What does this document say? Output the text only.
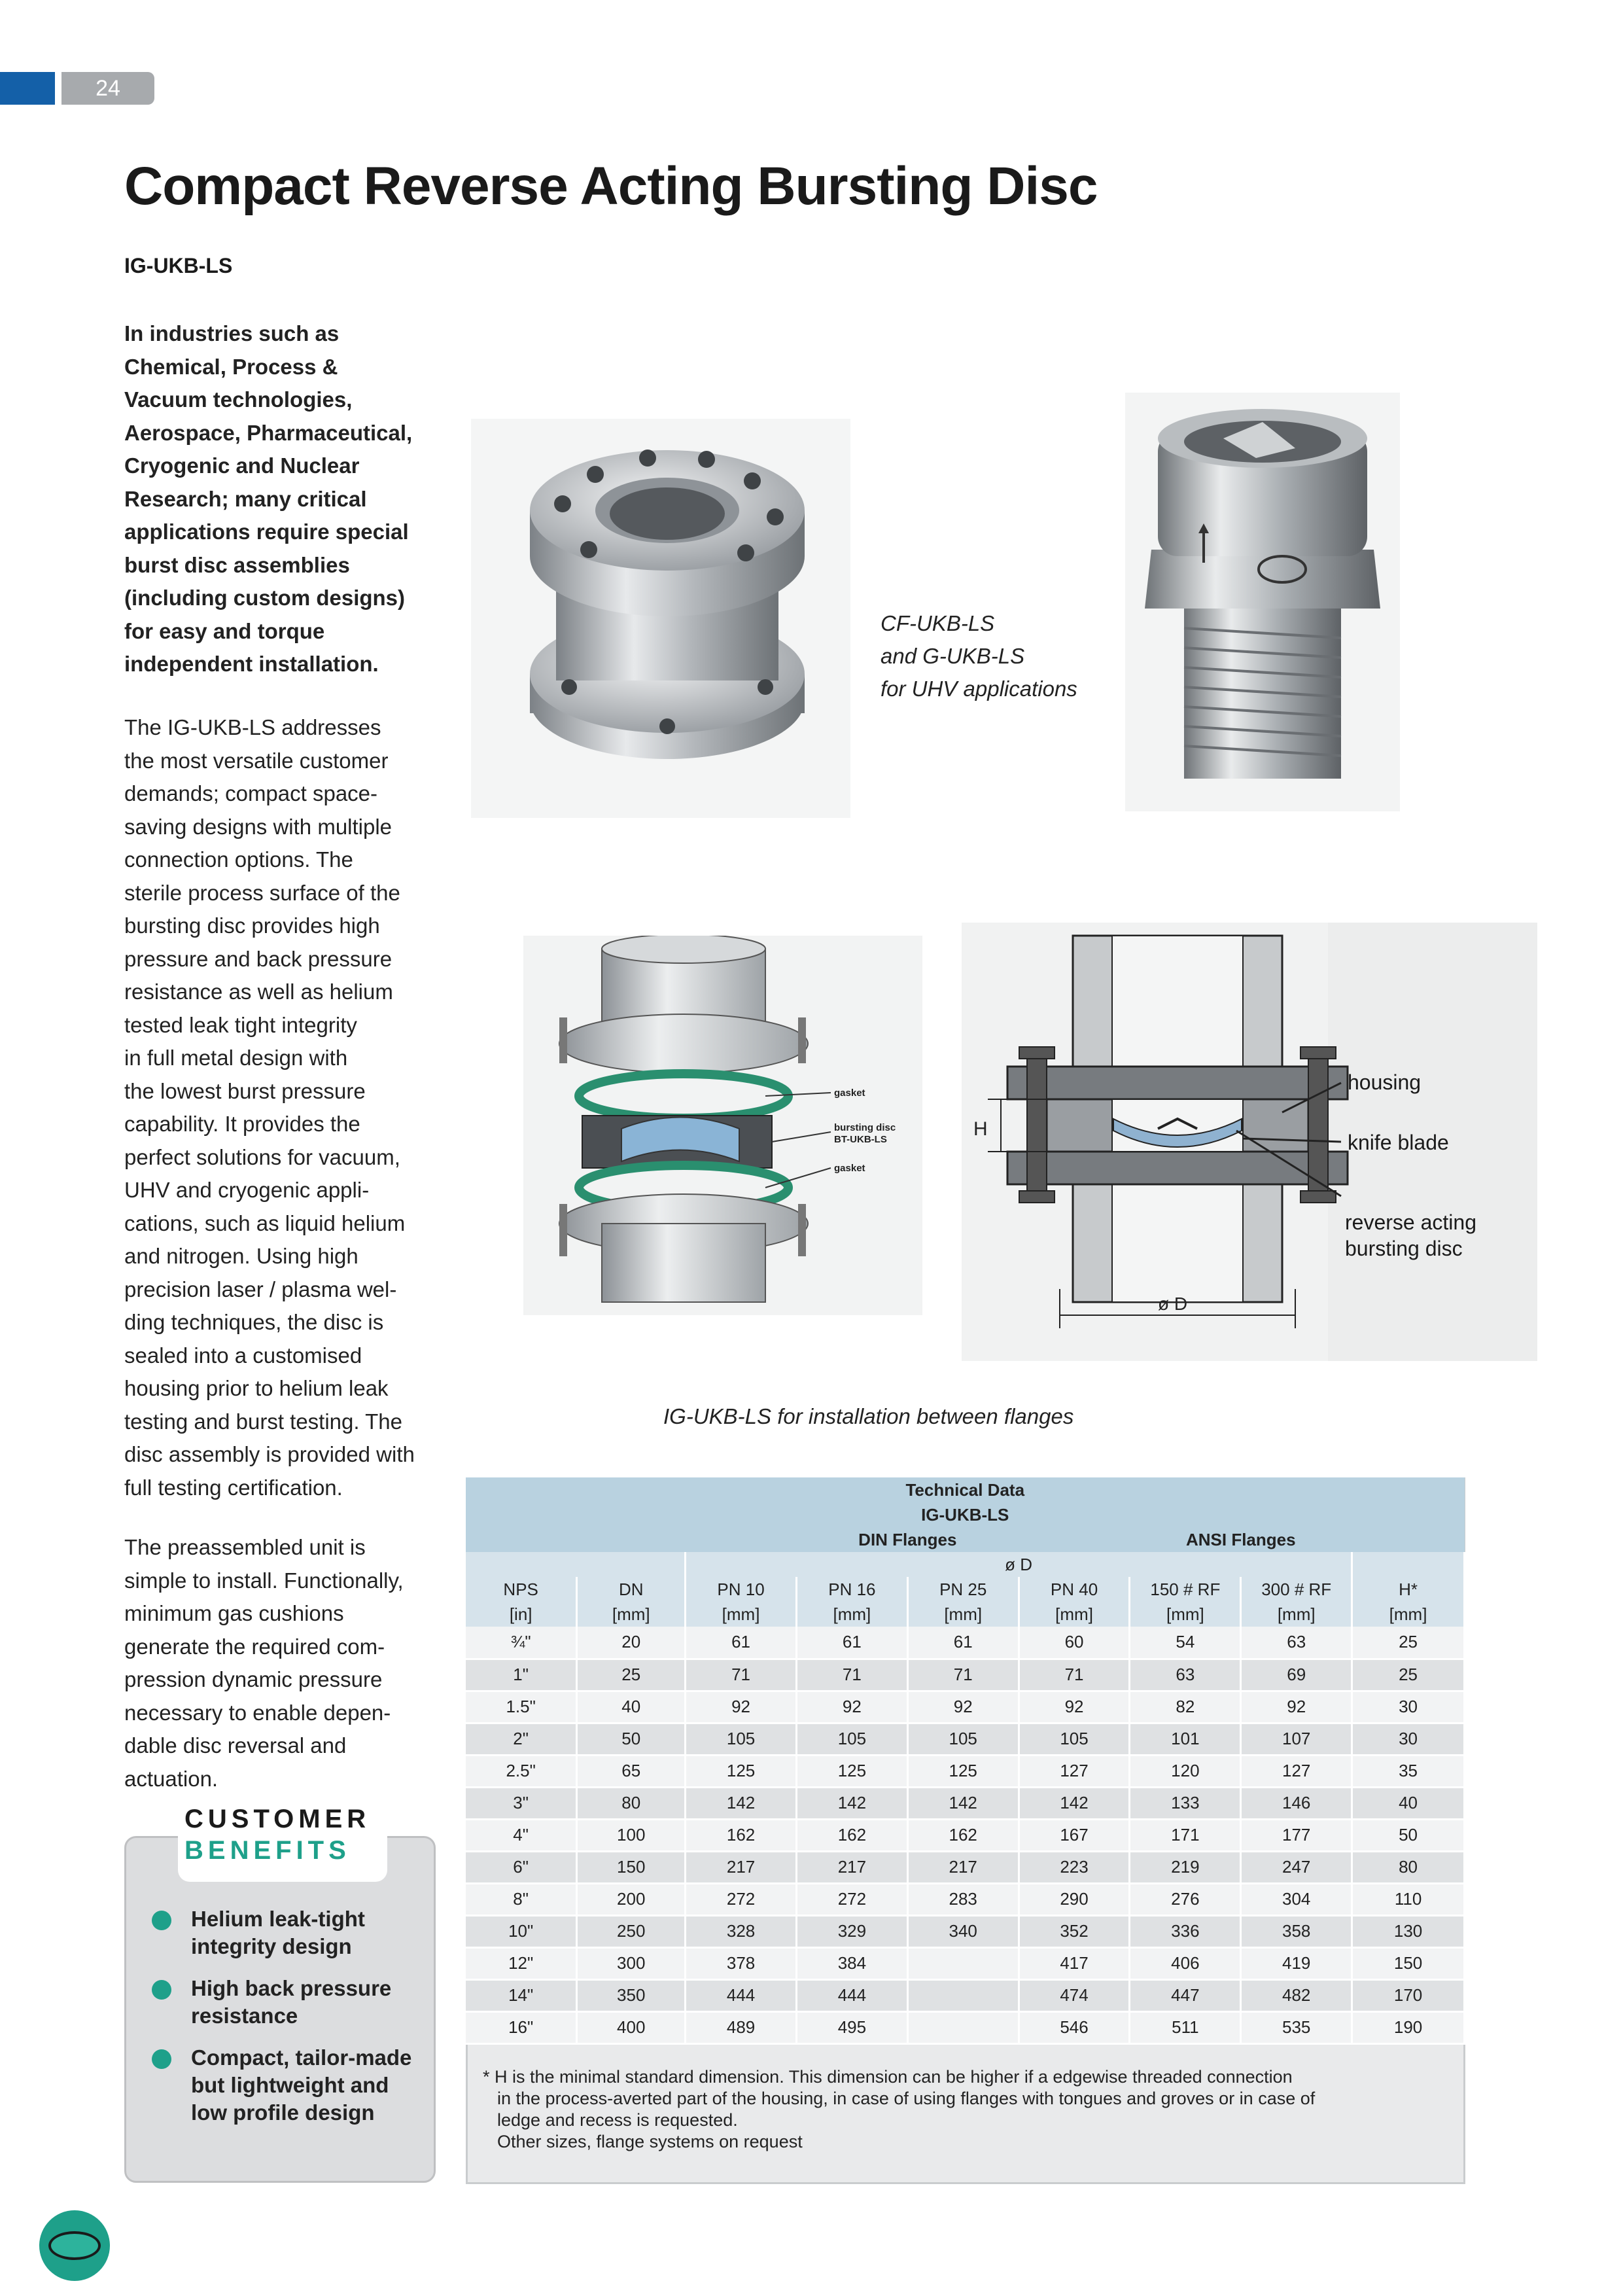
24
Compact Reverse Acting Bursting Disc
IG-UKB-LS
In industries such as
Chemical, Process &
Vacuum technologies,
Aerospace, Pharmaceutical,
Cryogenic and Nuclear
Research; many critical
applications require special
burst disc assemblies
(including custom designs)
for easy and torque
independent installation.
The IG-UKB-LS addresses
the most versatile customer
demands; compact space-
saving designs with multiple
connection options. The
sterile process surface of the
bursting disc provides high
pressure and back pressure
resistance as well as helium
tested leak tight integrity
in full metal design with
the lowest burst pressure
capability. It provides the
perfect solutions for vacuum,
UHV and cryogenic appli-
cations, such as liquid helium
and nitrogen. Using high
precision laser / plasma wel-
ding techniques, the disc is
sealed into a customised
housing prior to helium leak
testing and burst testing. The
disc assembly is provided with
full testing certification.
The preassembled unit is
simple to install. Functionally,
minimum gas cushions
generate the required com-
pression dynamic pressure
necessary to enable depen-
dable disc reversal and
actuation.
CUSTOMER
BENEFITS
Helium leak-tight
integrity design
High back pressure
resistance
Compact, tailor-made
but lightweight and
low profile design
CF-UKB-LS
and G-UKB-LS
for UHV applications
gasket
bursting disc
BT-UKB-LS
gasket
H
ø D
housing
knife blade
reverse acting
bursting disc
IG-UKB-LS for installation between flanges
Technical Data								
IG-UKB-LS								
		DIN Flanges				ANSI Flanges		
		ø D						
NPS	DN	PN 10	PN 16	PN 25	PN 40	150 # RF	300 # RF	H*
[in]	[mm]	[mm]	[mm]	[mm]	[mm]	[mm]	[mm]	[mm]
¾"	20	61	61	61	60	54	63	25
1"	25	71	71	71	71	63	69	25
1.5"	40	92	92	92	92	82	92	30
2"	50	105	105	105	105	101	107	30
2.5"	65	125	125	125	127	120	127	35
3"	80	142	142	142	142	133	146	40
4"	100	162	162	162	167	171	177	50
6"	150	217	217	217	223	219	247	80
8"	200	272	272	283	290	276	304	110
10"	250	328	329	340	352	336	358	130
12"	300	378	384		417	406	419	150
14"	350	444	444		474	447	482	170
16"	400	489	495		546	511	535	190
* H is the minimal standard dimension. This dimension can be higher if a edgewise threaded connection
in the process-averted part of the housing, in case of using flanges with tongues and groves or in case of
ledge and recess is requested.
Other sizes, flange systems on request
